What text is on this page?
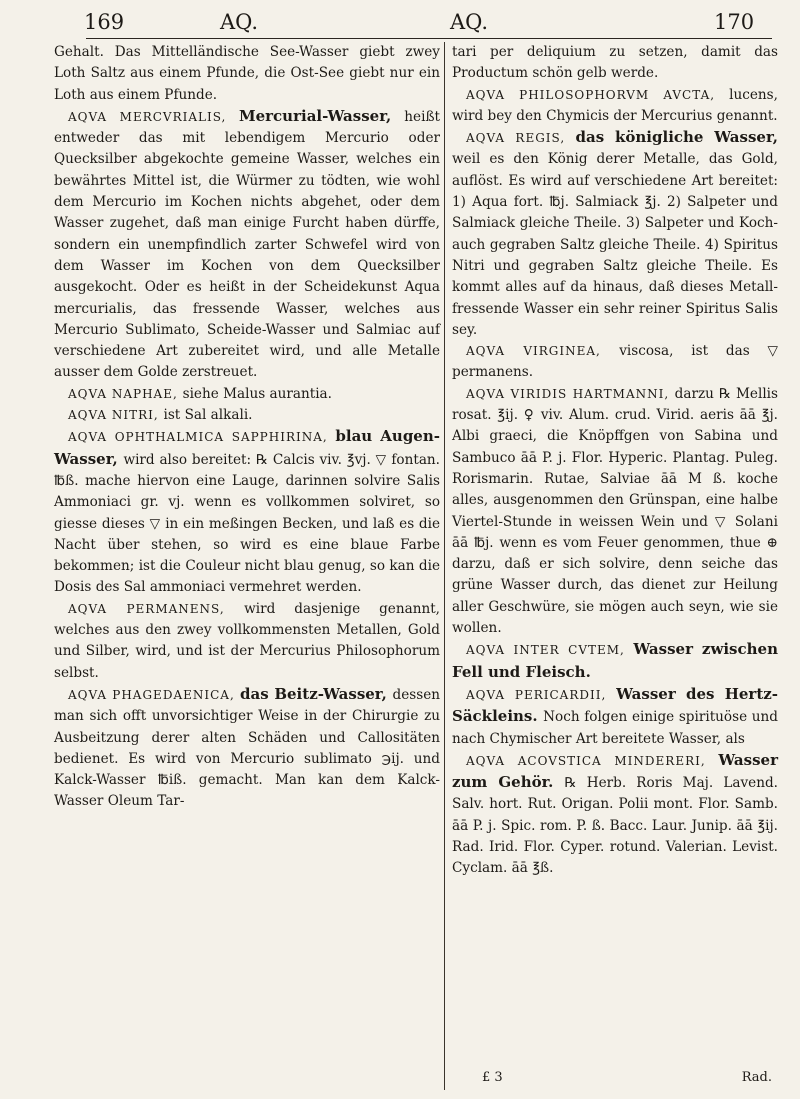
169	AQ.	AQ.	170

Gehalt. Das Mittelländische See-Wasser giebt zwey Loth Saltz aus einem Pfunde, die Ost-See giebt nur ein Loth aus einem Pfunde.

AQVA MERCVRIALIS, Mercurial-Wasser, heißt entweder das mit lebendigem Mercurio oder Quecksilber abgekochte gemeine Wasser, welches ein bewährtes Mittel ist, die Würmer zu tödten, wie wohl dem Mercurio im Kochen nichts abgehet, oder dem Wasser zugehet, daß man einige Furcht haben dürffe, sondern ein unempfindlich zarter Schwefel wird von dem Wasser im Kochen von dem Quecksilber ausgekocht. Oder es heißt in der Scheidekunst Aqua mercurialis, das fressende Wasser, welches aus Mercurio Sublimato, Scheide-Wasser und Salmiac auf verschiedene Art zubereitet wird, und alle Metalle ausser dem Golde zerstreuet.

AQVA NAPHAE, siehe Malus aurantia.

AQVA NITRI, ist Sal alkali.

AQVA OPHTHALMICA SAPPHIRINA, blau Augen-Wasser, wird also bereitet: ℞ Calcis viv. ℥vj. ▽ fontan. ℔ß. mache hiervon eine Lauge, darinnen solvire Salis Ammoniaci gr. vj. wenn es vollkommen solviret, so giesse dieses ▽ in ein meßingen Becken, und laß es die Nacht über stehen, so wird es eine blaue Farbe bekommen; ist die Couleur nicht blau genug, so kan die Dosis des Sal ammoniaci vermehret werden.

AQVA PERMANENS, wird dasjenige genannt, welches aus den zwey vollkommensten Metallen, Gold und Silber, wird, und ist der Mercurius Philosophorum selbst.

AQVA PHAGEDAENICA, das Beitz-Wasser, dessen man sich offt unvorsichtiger Weise in der Chirurgie zu Ausbeitzung derer alten Schäden und Callositäten bedienet. Es wird von Mercurio sublimato ℈ij. und Kalck-Wasser ℔iß. gemacht. Man kan dem Kalck-Wasser Oleum Tar-

tari per deliquium zu setzen, damit das Productum schön gelb werde.

AQVA PHILOSOPHORVM AVCTA, lucens, wird bey den Chymicis der Mercurius genannt.

AQVA REGIS, das königliche Wasser, weil es den König derer Metalle, das Gold, auflöst. Es wird auf verschiedene Art bereitet: 1) Aqua fort. ℔j. Salmiack ℥j. 2) Salpeter und Salmiack gleiche Theile. 3) Salpeter und Koch- auch gegraben Saltz gleiche Theile. 4) Spiritus Nitri und gegraben Saltz gleiche Theile. Es kommt alles auf da hinaus, daß dieses Metall-fressende Wasser ein sehr reiner Spiritus Salis sey.

AQVA VIRGINEA, viscosa, ist das ▽ permanens.

AQVA VIRIDIS HARTMANNI, darzu ℞ Mellis rosat. ℥ij. ♀ viv. Alum. crud. Virid. aeris āā ℥j. Albi graeci, die Knöpffgen von Sabina und Sambuco āā P. j. Flor. Hyperic. Plantag. Puleg. Rorismarin. Rutae, Salviae āā M ß. koche alles, ausgenommen den Grünspan, eine halbe Viertel-Stunde in weissen Wein und ▽ Solani āā ℔j. wenn es vom Feuer genommen, thue ⊕ darzu, daß er sich solvire, denn seiche das grüne Wasser durch, das dienet zur Heilung aller Geschwüre, sie mögen auch seyn, wie sie wollen.

AQVA INTER CVTEM, Wasser zwischen Fell und Fleisch.

AQVA PERICARDII, Wasser des Hertz-Säckleins. Noch folgen einige spirituöse und nach Chymischer Art bereitete Wasser, als

AQVA ACOVSTICA MINDERERI, Wasser zum Gehör. ℞ Herb. Roris Maj. Lavend. Salv. hort. Rut. Origan. Polii mont. Flor. Samb. āā P. j. Spic. rom. P. ß. Bacc. Laur. Junip. āā ℥ij. Rad. Irid. Flor. Cyper. rotund. Valerian. Levist. Cyclam. āā ℥ß.

£ 3	Rad.
